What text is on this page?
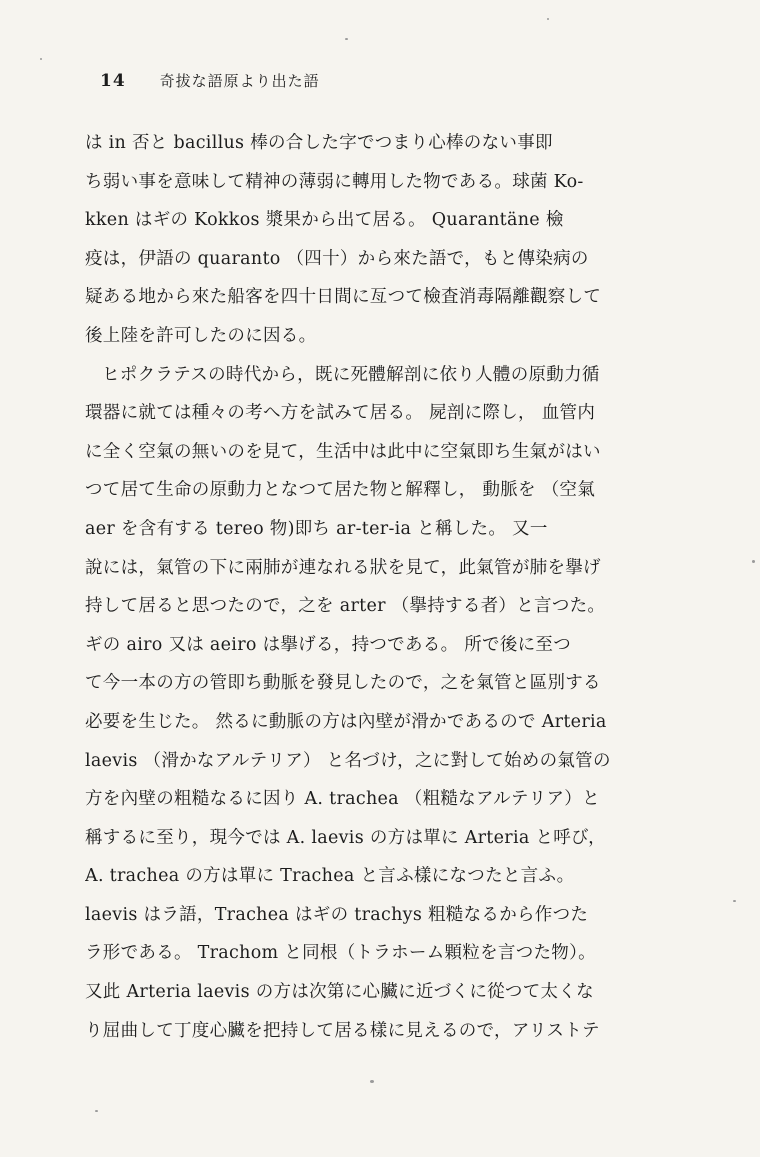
14 奇拔な語原より出た語
は in 否と bacillus 棒の合した字でつまり心棒のない事即
ち弱い事を意味して精神の薄弱に轉用した物である。球菌 Ko-
kken はギの Kokkos 漿果から出て居る。 Quarantäne 檢
疫は，伊語の quaranto （四十）から來た語で，もと傳染病の
疑ある地から來た船客を四十日間に亙つて檢査消毒隔離觀察して
後上陸を許可したのに因る。
ヒポクラテスの時代から，既に死體解剖に依り人體の原動力循
環器に就ては種々の考へ方を試みて居る。 屍剖に際し， 血管内
に全く空氣の無いのを見て，生活中は此中に空氣即ち生氣がはい
つて居て生命の原動力となつて居た物と解釋し， 動脈を （空氣
aer を含有する tereo 物)即ち ar-ter-ia と稱した。 又一
說には，氣管の下に兩肺が連なれる狀を見て，此氣管が肺を擧げ
持して居ると思つたので，之を arter （擧持する者）と言つた。
ギの airo 又は aeiro は擧げる，持つである。 所で後に至つ
て今一本の方の管即ち動脈を發見したので，之を氣管と區別する
必要を生じた。 然るに動脈の方は內壁が滑かであるので Arteria
laevis （滑かなアルテリア） と名づけ，之に對して始めの氣管の
方を內壁の粗糙なるに因り A. trachea （粗糙なアルテリア）と
稱するに至り，現今では A. laevis の方は單に Arteria と呼び，
A. trachea の方は單に Trachea と言ふ樣になつたと言ふ。
laevis はラ語，Trachea はギの trachys 粗糙なるから作つた
ラ形である。 Trachom と同根（トラホーム顆粒を言つた物）。
又此 Arteria laevis の方は次第に心臟に近づくに從つて太くな
り屈曲して丁度心臟を把持して居る樣に見えるので，アリストテ
